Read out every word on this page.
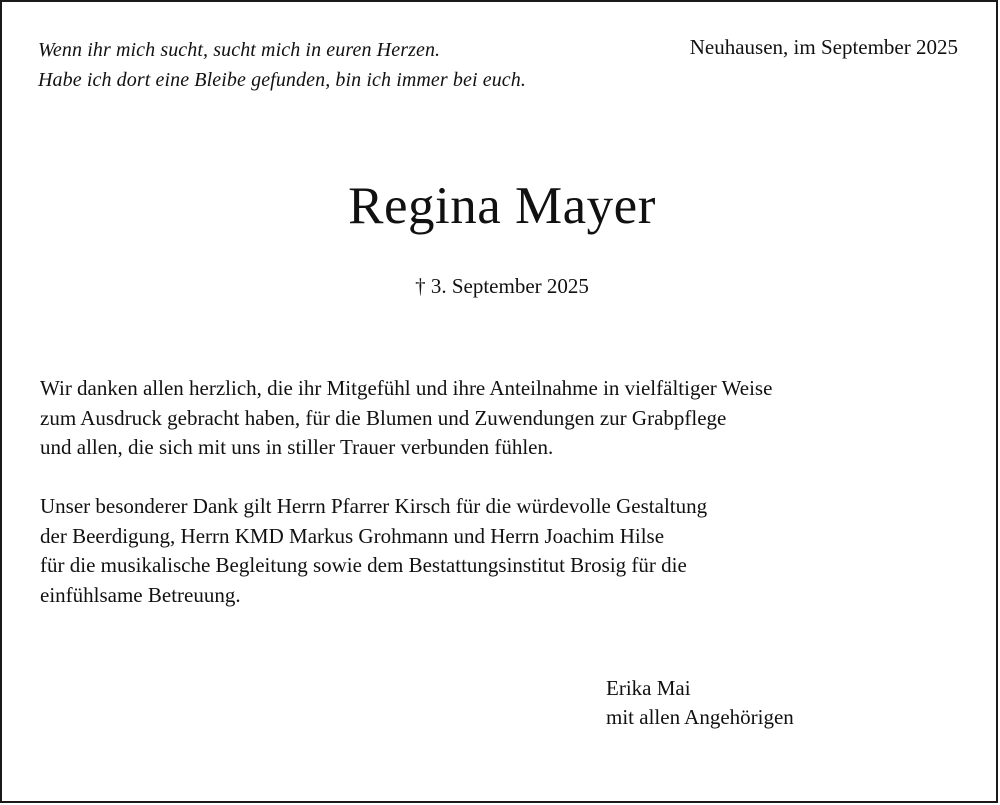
Wenn ihr mich sucht, sucht mich in euren Herzen.
Habe ich dort eine Bleibe gefunden, bin ich immer bei euch.
Neuhausen, im September 2025
Regina Mayer
† 3. September 2025
Wir danken allen herzlich, die ihr Mitgefühl und ihre Anteilnahme in vielfältiger Weise
zum Ausdruck gebracht haben, für die Blumen und Zuwendungen zur Grabpflege
und allen, die sich mit uns in stiller Trauer verbunden fühlen.
Unser besonderer Dank gilt Herrn Pfarrer Kirsch für die würdevolle Gestaltung
der Beerdigung, Herrn KMD Markus Grohmann und Herrn Joachim Hilse
für die musikalische Begleitung sowie dem Bestattungsinstitut Brosig für die
einfühlsame Betreuung.
Erika Mai
mit allen Angehörigen
